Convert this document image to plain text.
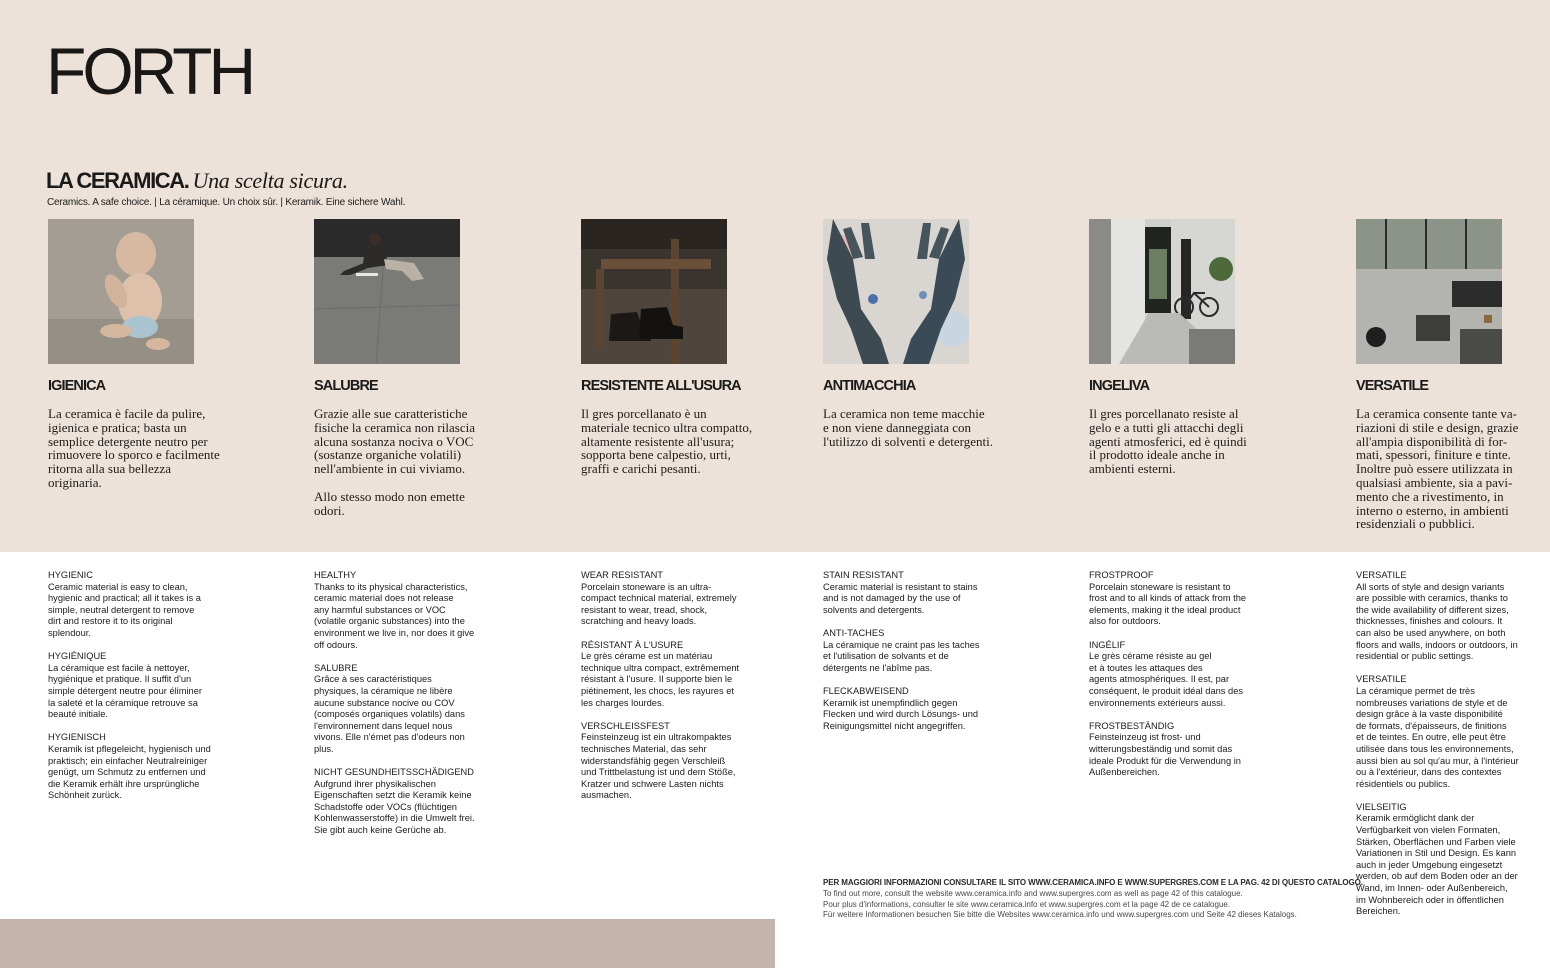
FORTH
LA CERAMICA. Una scelta sicura.
Ceramics. A safe choice. | La céramique. Un choix sûr. | Keramik. Eine sichere Wahl.
IGIENICA
La ceramica è facile da pulire,
igienica e pratica; basta un
semplice detergente neutro per
rimuovere lo sporco e facilmente
ritorna alla sua bellezza
originaria.
SALUBRE
Grazie alle sue caratteristiche
fisiche la ceramica non rilascia
alcuna sostanza nociva o VOC
(sostanze organiche volatili)
nell'ambiente in cui viviamo.

Allo stesso modo non emette
odori.
RESISTENTE ALL'USURA
Il gres porcellanato è un
materiale tecnico ultra compatto,
altamente resistente all'usura;
sopporta bene calpestio, urti,
graffi e carichi pesanti.
ANTIMACCHIA
La ceramica non teme macchie
e non viene danneggiata con
l'utilizzo di solventi e detergenti.
INGELIVA
Il gres porcellanato resiste al
gelo e a tutti gli attacchi degli
agenti atmosferici, ed è quindi
il prodotto ideale anche in
ambienti esterni.
VERSATILE
La ceramica consente tante va-
riazioni di stile e design, grazie
all'ampia disponibilità di for-
mati, spessori, finiture e tinte.
Inoltre può essere utilizzata in
qualsiasi ambiente, sia a pavi-
mento che a rivestimento, in
interno o esterno, in ambienti
residenziali o pubblici.
HYGIENIC
Ceramic material is easy to clean,
hygienic and practical; all it takes is a
simple, neutral detergent to remove
dirt and restore it to its original
splendour.
HYGIÉNIQUE
La céramique est facile à nettoyer,
hygiénique et pratique. Il suffit d'un
simple détergent neutre pour éliminer
la saleté et la céramique retrouve sa
beauté initiale.
HYGIENISCH
Keramik ist pflegeleicht, hygienisch und
praktisch; ein einfacher Neutralreiniger
genügt, um Schmutz zu entfernen und
die Keramik erhält ihre ursprüngliche
Schönheit zurück.
HEALTHY
Thanks to its physical characteristics,
ceramic material does not release
any harmful substances or VOC
(volatile organic substances) into the
environment we live in, nor does it give
off odours.
SALUBRE
Grâce à ses caractéristiques
physiques, la céramique ne libère
aucune substance nocive ou COV
(composés organiques volatils) dans
l'environnement dans lequel nous
vivons. Elle n'émet pas d'odeurs non
plus.
NICHT GESUNDHEITSSCHÄDIGEND
Aufgrund ihrer physikalischen
Eigenschaften setzt die Keramik keine
Schadstoffe oder VOCs (flüchtigen
Kohlenwasserstoffe) in die Umwelt frei.
Sie gibt auch keine Gerüche ab.
WEAR RESISTANT
Porcelain stoneware is an ultra-
compact technical material, extremely
resistant to wear, tread, shock,
scratching and heavy loads.
RÉSISTANT À L'USURE
Le grès cérame est un matériau
technique ultra compact, extrêmement
résistant à l'usure. Il supporte bien le
piétinement, les chocs, les rayures et
les charges lourdes.
VERSCHLEISSFEST
Feinsteinzeug ist ein ultrakompaktes
technisches Material, das sehr
widerstandsfähig gegen Verschleiß
und Trittbelastung ist und dem Stöße,
Kratzer und schwere Lasten nichts
ausmachen.
STAIN RESISTANT
Ceramic material is resistant to stains
and is not damaged by the use of
solvents and detergents.
ANTI-TACHES
La céramique ne craint pas les taches
et l'utilisation de solvants et de
détergents ne l'abîme pas.
FLECKABWEISEND
Keramik ist unempfindlich gegen
Flecken und wird durch Lösungs- und
Reinigungsmittel nicht angegriffen.
FROSTPROOF
Porcelain stoneware is resistant to
frost and to all kinds of attack from the
elements, making it the ideal product
also for outdoors.
INGÉLIF
Le grès cérame résiste au gel
et à toutes les attaques des
agents atmosphériques. Il est, par
conséquent, le produit idéal dans des
environnements extérieurs aussi.
FROSTBESTÄNDIG
Feinsteinzeug ist frost- und
witterungsbeständig und somit das
ideale Produkt für die Verwendung in
Außenbereichen.
VERSATILE
All sorts of style and design variants
are possible with ceramics, thanks to
the wide availability of different sizes,
thicknesses, finishes and colours. It
can also be used anywhere, on both
floors and walls, indoors or outdoors, in
residential or public settings.
VERSATILE
La céramique permet de très
nombreuses variations de style et de
design grâce à la vaste disponibilité
de formats, d'épaisseurs, de finitions
et de teintes. En outre, elle peut être
utilisée dans tous les environnements,
aussi bien au sol qu'au mur, à l'intérieur
ou à l'extérieur, dans des contextes
résidentiels ou publics.
VIELSEITIG
Keramik ermöglicht dank der
Verfügbarkeit von vielen Formaten,
Stärken, Oberflächen und Farben viele
Variationen in Stil und Design. Es kann
auch in jeder Umgebung eingesetzt
werden, ob auf dem Boden oder an der
Wand, im Innen- oder Außenbereich,
im Wohnbereich oder in öffentlichen
Bereichen.
PER MAGGIORI INFORMAZIONI CONSULTARE IL SITO WWW.CERAMICA.INFO E WWW.SUPERGRES.COM E LA PAG. 42 DI QUESTO CATALOGO.
To find out more, consult the website www.ceramica.info and www.supergres.com as well as page 42 of this catalogue.
Pour plus d'informations, consulter le site www.ceramica.info et www.supergres.com et la page 42 de ce catalogue.
Für weitere Informationen besuchen Sie bitte die Websites www.ceramica.info und www.supergres.com und Seite 42 dieses Katalogs.
